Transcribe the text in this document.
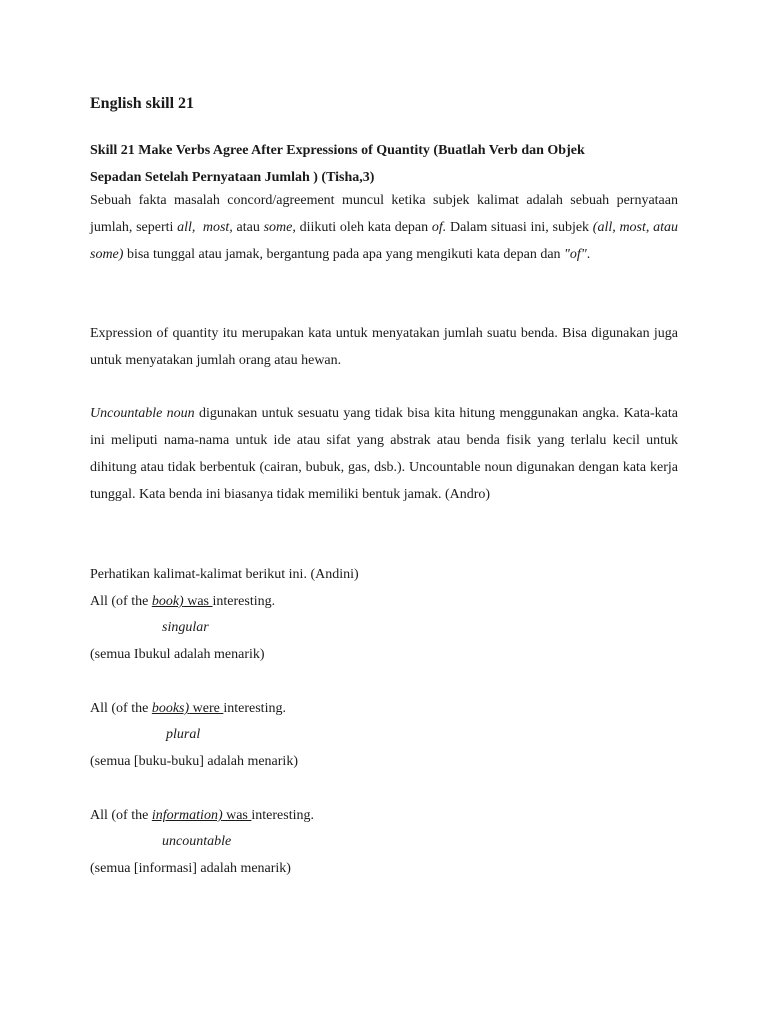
English skill 21
Skill 21 Make Verbs Agree After Expressions of Quantity (Buatlah Verb dan Objek
Sepadan Setelah Pernyataan Jumlah ) (Tisha,3)
Sebuah fakta masalah concord/agreement muncul ketika subjek kalimat adalah sebuah pernyataan jumlah, seperti all, most, atau some, diikuti oleh kata depan of. Dalam situasi ini, subjek (all, most, atau some) bisa tunggal atau jamak, bergantung pada apa yang mengikuti kata depan dan "of".
Expression of quantity itu merupakan kata untuk menyatakan jumlah suatu benda. Bisa digunakan juga untuk menyatakan jumlah orang atau hewan.
Uncountable noun digunakan untuk sesuatu yang tidak bisa kita hitung menggunakan angka. Kata-kata ini meliputi nama-nama untuk ide atau sifat yang abstrak atau benda fisik yang terlalu kecil untuk dihitung atau tidak berbentuk (cairan, bubuk, gas, dsb.). Uncountable noun digunakan dengan kata kerja tunggal. Kata benda ini biasanya tidak memiliki bentuk jamak. (Andro)
Perhatikan kalimat-kalimat berikut ini. (Andini)
All (of the book) was interesting.
singular
(semua Ibukul adalah menarik)
All (of the books) were interesting.
plural
(semua [buku-buku] adalah menarik)
All (of the information) was interesting.
uncountable
(semua [informasi] adalah menarik)
